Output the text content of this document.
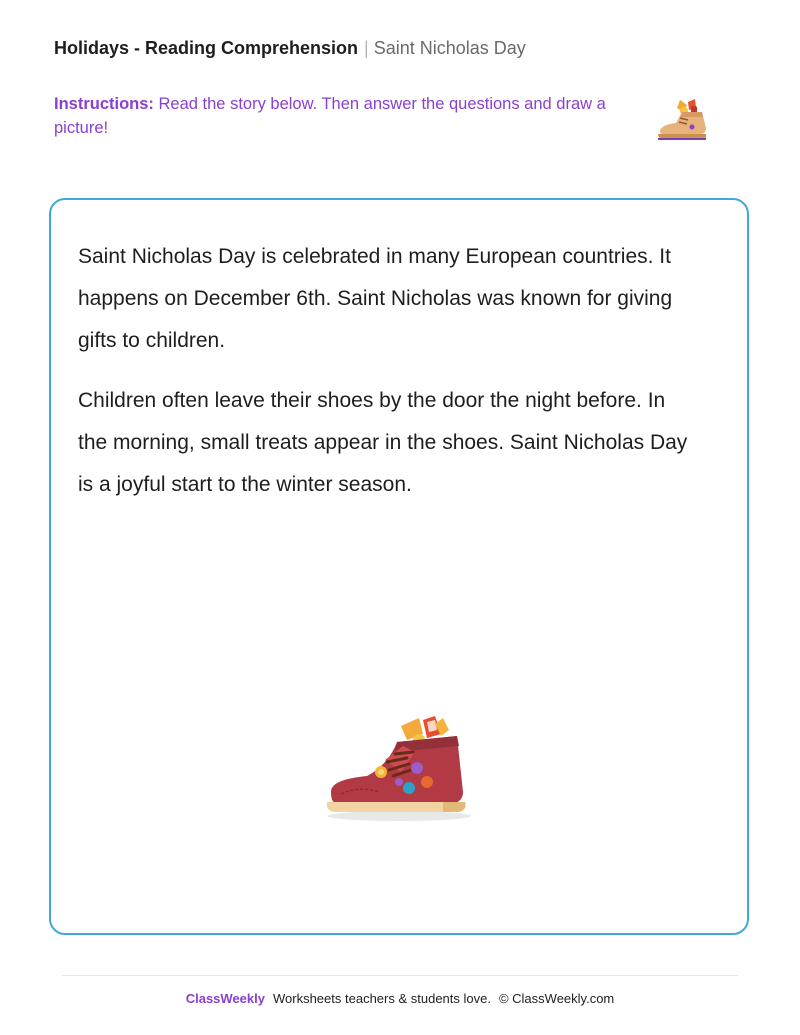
Holidays - Reading Comprehension | Saint Nicholas Day
Instructions: Read the story below. Then answer the questions and draw a picture!

Saint Nicholas Day is celebrated in many European countries. It happens on December 6th. Saint Nicholas was known for giving gifts to children.

Children often leave their shoes by the door the night before. In the morning, small treats appear in the shoes. Saint Nicholas Day is a joyful start to the winter season.

ClassWeekly Worksheets teachers & students love. © ClassWeekly.com
